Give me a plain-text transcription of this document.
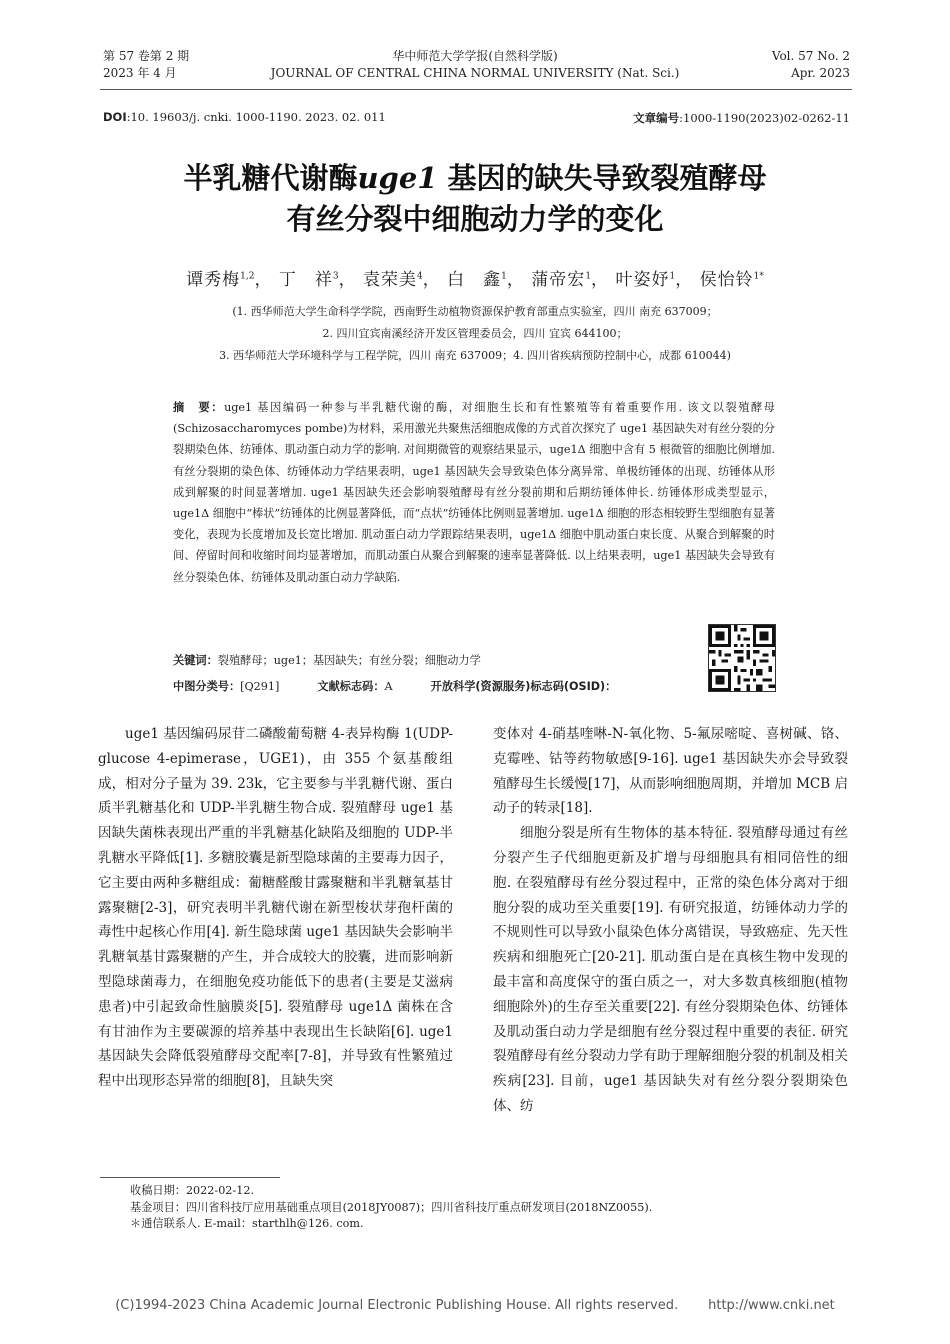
第 57 卷第 2 期
2023 年 4 月
华中师范大学学报(自然科学版)
JOURNAL OF CENTRAL CHINA NORMAL UNIVERSITY (Nat. Sci.)
Vol. 57 No. 2
Apr. 2023
DOI:10. 19603/j. cnki. 1000-1190. 2023. 02. 011	文章编号:1000-1190(2023)02-0262-11
半乳糖代谢酶uge1 基因的缺失导致裂殖酵母
有丝分裂中细胞动力学的变化
谭秀梅$^{1,2}$， 丁　祥$^3$， 袁荣美$^4$， 白　鑫$^1$， 蒲帝宏$^1$， 叶姿妤$^1$， 侯怡铃$^{1*}$
(1. 西华师范大学生命科学学院，西南野生动植物资源保护教育部重点实验室，四川 南充 637009；
2. 四川宜宾南溪经济开发区管理委员会，四川 宜宾 644100；
3. 西华师范大学环境科学与工程学院，四川 南充 637009；4. 四川省疾病预防控制中心，成都 610044)
摘　要：uge1 基因编码一种参与半乳糖代谢的酶，对细胞生长和有性繁殖等有着重要作用. 该文以裂殖酵母(Schizosaccharomyces pombe)为材料，采用激光共聚焦活细胞成像的方式首次探究了 uge1 基因缺失对有丝分裂的分裂期染色体、纺锤体、肌动蛋白动力学的影响. 对间期微管的观察结果显示，uge1Δ 细胞中含有 5 根微管的细胞比例增加. 有丝分裂期的染色体、纺锤体动力学结果表明，uge1 基因缺失会导致染色体分离异常、单极纺锤体的出现、纺锤体从形成到解聚的时间显著增加. uge1 基因缺失还会影响裂殖酵母有丝分裂前期和后期纺锤体伸长. 纺锤体形成类型显示，uge1Δ 细胞中“棒状”纺锤体的比例显著降低，而“点状”纺锤体比例则显著增加. uge1Δ 细胞的形态相较野生型细胞有显著变化，表现为长度增加及长宽比增加. 肌动蛋白动力学跟踪结果表明，uge1Δ 细胞中肌动蛋白束长度、从聚合到解聚的时间、停留时间和收缩时间均显著增加，而肌动蛋白从聚合到解聚的速率显著降低. 以上结果表明，uge1 基因缺失会导致有丝分裂染色体、纺锤体及肌动蛋白动力学缺陷.
关键词：裂殖酵母；uge1；基因缺失；有丝分裂；细胞动力学
中图分类号：[Q291]	文献标志码：A	开放科学(资源服务)标志码(OSID)：

uge1 基因编码尿苷二磷酸葡萄糖 4-表异构酶 1(UDP-glucose 4-epimerase，UGE1)，由 355 个氨基酸组成，相对分子量为 39. 23k，它主要参与半乳糖代谢、蛋白质半乳糖基化和 UDP-半乳糖生物合成. 裂殖酵母 uge1 基因缺失菌株表现出严重的半乳糖基化缺陷及细胞的 UDP-半乳糖水平降低[1]. 多糖胶囊是新型隐球菌的主要毒力因子，它主要由两种多糖组成：葡糖醛酸甘露聚糖和半乳糖氧基甘露聚糖[2-3]，研究表明半乳糖代谢在新型梭状芽孢杆菌的毒性中起核心作用[4]. 新生隐球菌 uge1 基因缺失会影响半乳糖氧基甘露聚糖的产生，并合成较大的胶囊，进而影响新型隐球菌毒力，在细胞免疫功能低下的患者(主要是艾滋病患者)中引起致命性脑膜炎[5]. 裂殖酵母 uge1Δ 菌株在含有甘油作为主要碳源的培养基中表现出生长缺陷[6]. uge1 基因缺失会降低裂殖酵母交配率[7-8]，并导致有性繁殖过程中出现形态异常的细胞[8]，且缺失突

变体对 4-硝基喹啉-N-氧化物、5-氟尿嘧啶、喜树碱、铬、克霉唑、钴等药物敏感[9-16]. uge1 基因缺失亦会导致裂殖酵母生长缓慢[17]，从而影响细胞周期，并增加 MCB 启动子的转录[18].

细胞分裂是所有生物体的基本特征. 裂殖酵母通过有丝分裂产生子代细胞更新及扩增与母细胞具有相同倍性的细胞. 在裂殖酵母有丝分裂过程中，正常的染色体分离对于细胞分裂的成功至关重要[19]. 有研究报道，纺锤体动力学的不规则性可以导致小鼠染色体分离错误，导致癌症、先天性疾病和细胞死亡[20-21]. 肌动蛋白是在真核生物中发现的最丰富和高度保守的蛋白质之一，对大多数真核细胞(植物细胞除外)的生存至关重要[22]. 有丝分裂期染色体、纺锤体及肌动蛋白动力学是细胞有丝分裂过程中重要的表征. 研究裂殖酵母有丝分裂动力学有助于理解细胞分裂的机制及相关疾病[23]. 目前，uge1 基因缺失对有丝分裂分裂期染色体、纺

收稿日期：2022-02-12.
基金项目：四川省科技厅应用基础重点项目(2018JY0087)；四川省科技厅重点研发项目(2018NZ0055).
＊通信联系人. E-mail：starthlh@126. com.
(C)1994-2023 China Academic Journal Electronic Publishing House. All rights reserved. http://www.cnki.net
